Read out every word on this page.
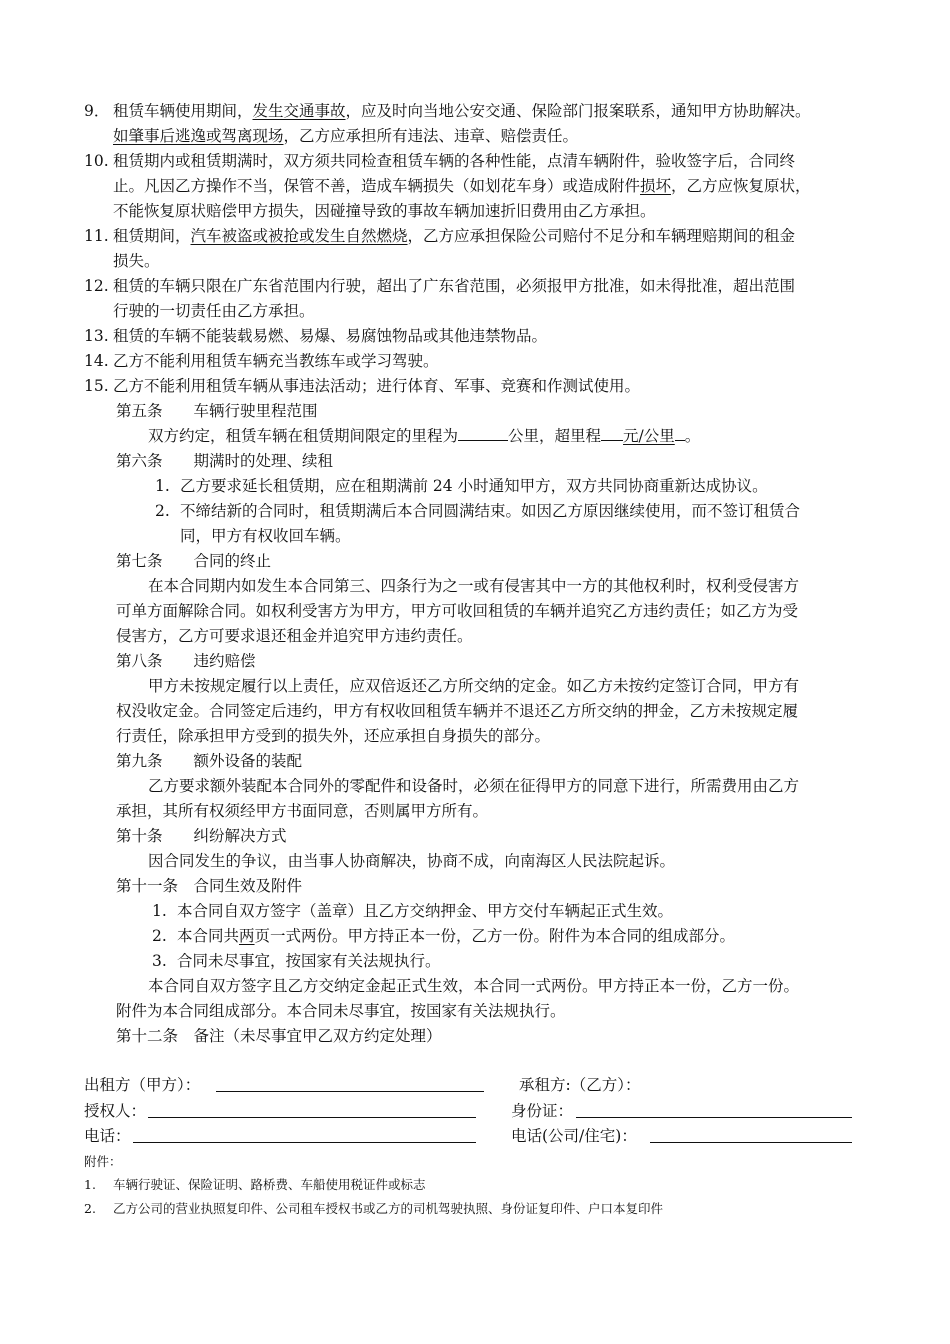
9． 租赁车辆使用期间，发生交通事故，应及时向当地公安交通、保险部门报案联系，通知甲方协助解决。
如肇事后逃逸或驾离现场，乙方应承担所有违法、违章、赔偿责任。
10. 租赁期内或租赁期满时，双方须共同检查租赁车辆的各种性能，点清车辆附件，验收签字后，合同终
止。凡因乙方操作不当，保管不善，造成车辆损失（如划花车身）或造成附件损坏，乙方应恢复原状，
不能恢复原状赔偿甲方损失，因碰撞导致的事故车辆加速折旧费用由乙方承担。
11. 租赁期间，汽车被盗或被抢或发生自然燃烧，乙方应承担保险公司赔付不足分和车辆理赔期间的租金
损失。
12. 租赁的车辆只限在广东省范围内行驶，超出了广东省范围，必须报甲方批准，如未得批准，超出范围
行驶的一切责任由乙方承担。
13. 租赁的车辆不能装载易燃、易爆、易腐蚀物品或其他违禁物品。
14. 乙方不能利用租赁车辆充当教练车或学习驾驶。
15. 乙方不能利用租赁车辆从事违法活动；进行体育、军事、竞赛和作测试使用。
第五条　　车辆行驶里程范围
双方约定，租赁车辆在租赁期间限定的里程为	公里，超里程 元/公里 。
第六条　　期满时的处理、续租
1. 乙方要求延长租赁期，应在租期满前 24 小时通知甲方，双方共同协商重新达成协议。
2. 不缔结新的合同时，租赁期满后本合同圆满结束。如因乙方原因继续使用，而不签订租赁合
同，甲方有权收回车辆。
第七条　　合同的终止
在本合同期内如发生本合同第三、四条行为之一或有侵害其中一方的其他权利时，权利受侵害方
可单方面解除合同。如权利受害方为甲方，甲方可收回租赁的车辆并追究乙方违约责任；如乙方为受
侵害方，乙方可要求退还租金并追究甲方违约责任。
第八条　　违约赔偿
甲方未按规定履行以上责任，应双倍返还乙方所交纳的定金。如乙方未按约定签订合同，甲方有
权没收定金。合同签定后违约，甲方有权收回租赁车辆并不退还乙方所交纳的押金，乙方未按规定履
行责任，除承担甲方受到的损失外，还应承担自身损失的部分。
第九条　　额外设备的装配
乙方要求额外装配本合同外的零配件和设备时，必须在征得甲方的同意下进行，所需费用由乙方
承担，其所有权须经甲方书面同意，否则属甲方所有。
第十条　　纠纷解决方式
因合同发生的争议，由当事人协商解决，协商不成，向南海区人民法院起诉。
第十一条　合同生效及附件
1. 本合同自双方签字（盖章）且乙方交纳押金、甲方交付车辆起正式生效。
2. 本合同共两页一式两份。甲方持正本一份，乙方一份。附件为本合同的组成部分。
3. 合同未尽事宜，按国家有关法规执行。
本合同自双方签字且乙方交纳定金起正式生效，本合同一式两份。甲方持正本一份，乙方一份。
附件为本合同组成部分。本合同未尽事宜，按国家有关法规执行。
第十二条　备注（未尽事宜甲乙双方约定处理）
出租方（甲方）：	承租方:（乙方）：
授权人：	身份证：
电话：	电话(公司/住宅)：
附件：
1. 车辆行驶证、保险证明、路桥费、车船使用税证件或标志
2. 乙方公司的营业执照复印件、公司租车授权书或乙方的司机驾驶执照、身份证复印件、户口本复印件
